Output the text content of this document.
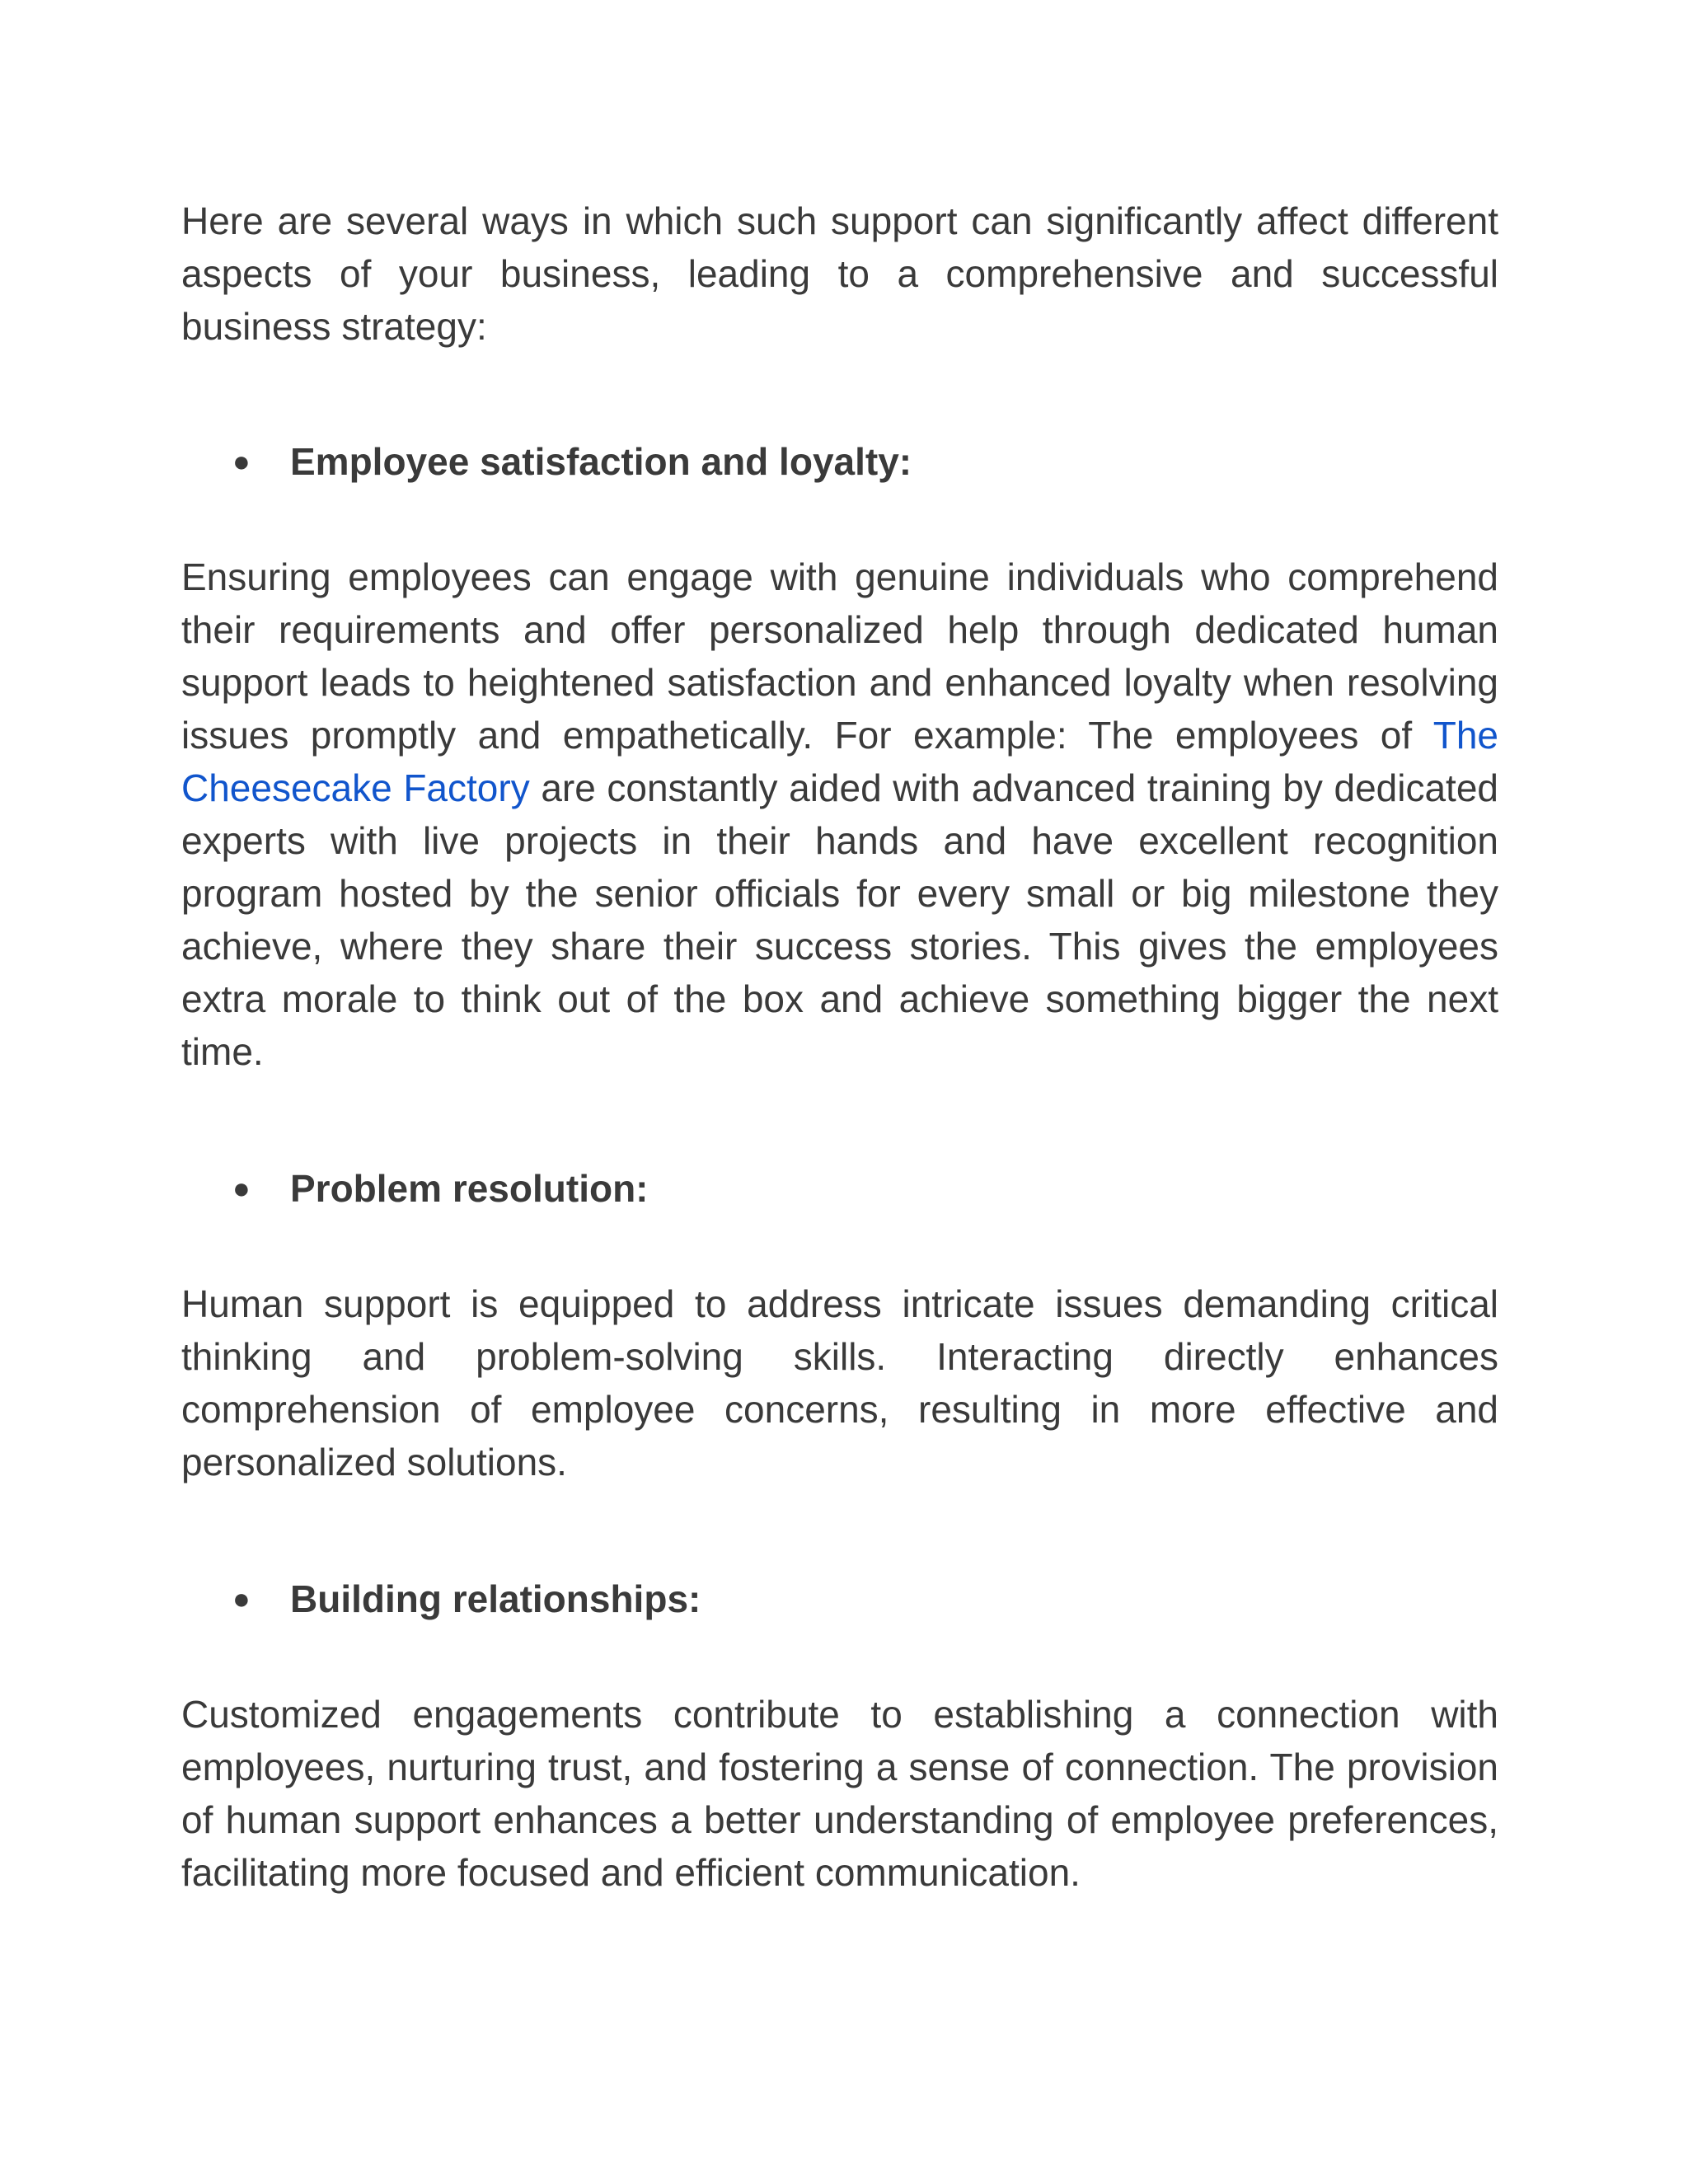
Here are several ways in which such support can significantly affect different aspects of your business, leading to a comprehensive and successful business strategy:

●	Employee satisfaction and loyalty:

Ensuring employees can engage with genuine individuals who comprehend their requirements and offer personalized help through dedicated human support leads to heightened satisfaction and enhanced loyalty when resolving issues promptly and empathetically. For example: The employees of The Cheesecake Factory are constantly aided with advanced training by dedicated experts with live projects in their hands and have excellent recognition program hosted by the senior officials for every small or big milestone they achieve, where they share their success stories. This gives the employees extra morale to think out of the box and achieve something bigger the next time.

●	Problem resolution:

Human support is equipped to address intricate issues demanding critical thinking and problem-solving skills. Interacting directly enhances comprehension of employee concerns, resulting in more effective and personalized solutions.

●	Building relationships:

Customized engagements contribute to establishing a connection with employees, nurturing trust, and fostering a sense of connection. The provision of human support enhances a better understanding of employee preferences, facilitating more focused and efficient communication.
